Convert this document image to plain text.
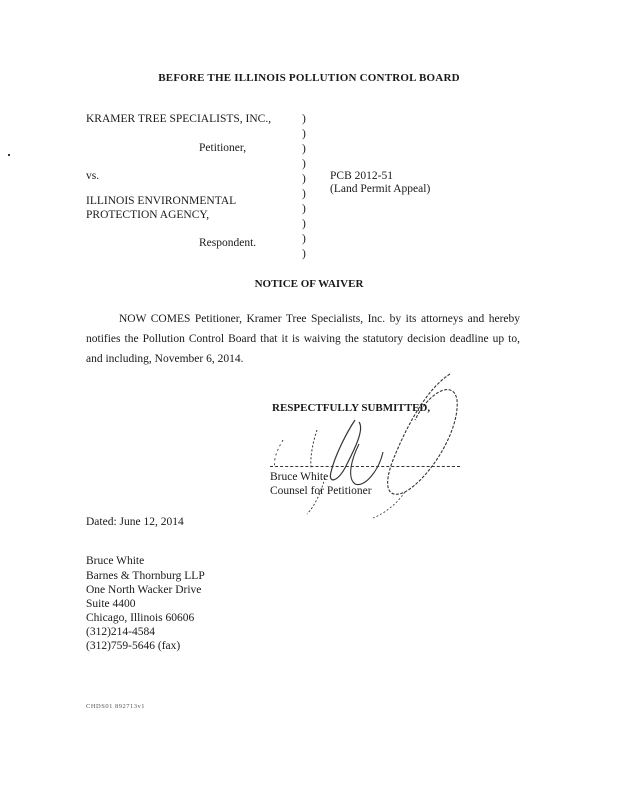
BEFORE THE ILLINOIS POLLUTION CONTROL BOARD
KRAMER TREE SPECIALISTS, INC.,
Petitioner,
vs.
ILLINOIS ENVIRONMENTAL
PROTECTION AGENCY,
Respondent.
)
)
)
)
)
)
)
)
)
)
PCB 2012-51
(Land Permit Appeal)
NOTICE OF WAIVER
NOW COMES Petitioner, Kramer Tree Specialists, Inc. by its attorneys and hereby notifies the Pollution Control Board that it is waiving the statutory decision deadline up to, and including, November 6, 2014.
RESPECTFULLY SUBMITTED,
Bruce White
Counsel for Petitioner
Dated: June 12, 2014
Bruce White
Barnes & Thornburg LLP
One North Wacker Drive
Suite 4400
Chicago, Illinois 60606
(312)214-4584
(312)759-5646 (fax)
CHDS01 892713v1
